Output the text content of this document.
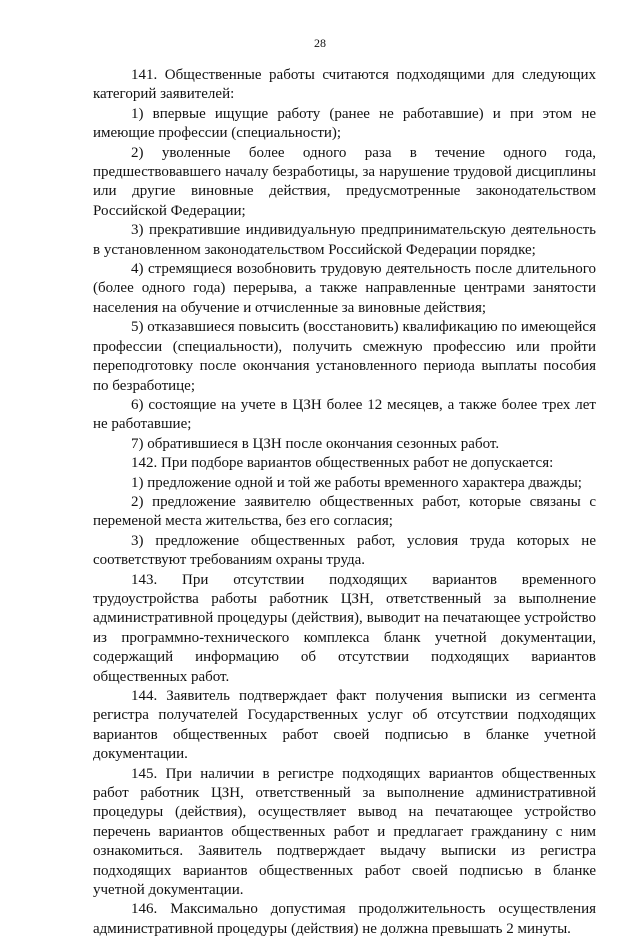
28

141. Общественные работы считаются подходящими для следующих категорий заявителей:

1) впервые ищущие работу (ранее не работавшие) и при этом не имеющие профессии (специальности);

2) уволенные более одного раза в течение одного года, предшествовавшего началу безработицы, за нарушение трудовой дисциплины или другие виновные действия, предусмотренные законодательством Российской Федерации;

3) прекратившие индивидуальную предпринимательскую деятельность в установленном законодательством Российской Федерации порядке;

4) стремящиеся возобновить трудовую деятельность после длительного (более одного года) перерыва, а также направленные центрами занятости населения на обучение и отчисленные за виновные действия;

5) отказавшиеся повысить (восстановить) квалификацию по имеющейся профессии (специальности), получить смежную профессию или пройти переподготовку после окончания установленного периода выплаты пособия по безработице;

6) состоящие на учете в ЦЗН более 12 месяцев, а также более трех лет не работавшие;

7) обратившиеся в ЦЗН после окончания сезонных работ.

142. При подборе вариантов общественных работ не допускается:

1) предложение одной и той же работы временного характера дважды;

2) предложение заявителю общественных работ, которые связаны с переменой места жительства, без его согласия;

3) предложение общественных работ, условия труда которых не соответствуют требованиям охраны труда.

143. При отсутствии подходящих вариантов временного трудоустройства работы работник ЦЗН, ответственный за выполнение административной процедуры (действия), выводит на печатающее устройство из программно-технического комплекса бланк учетной документации, содержащий информацию об отсутствии подходящих вариантов общественных работ.

144. Заявитель подтверждает факт получения выписки из сегмента регистра получателей Государственных услуг об отсутствии подходящих вариантов общественных работ своей подписью в бланке учетной документации.

145. При наличии в регистре подходящих вариантов общественных работ работник ЦЗН, ответственный за выполнение административной процедуры (действия), осуществляет вывод на печатающее устройство перечень вариантов общественных работ и предлагает гражданину с ним ознакомиться. Заявитель подтверждает выдачу выписки из регистра подходящих вариантов общественных работ своей подписью в бланке учетной документации.

146. Максимально допустимая продолжительность осуществления административной процедуры (действия) не должна превышать 2 минуты.
